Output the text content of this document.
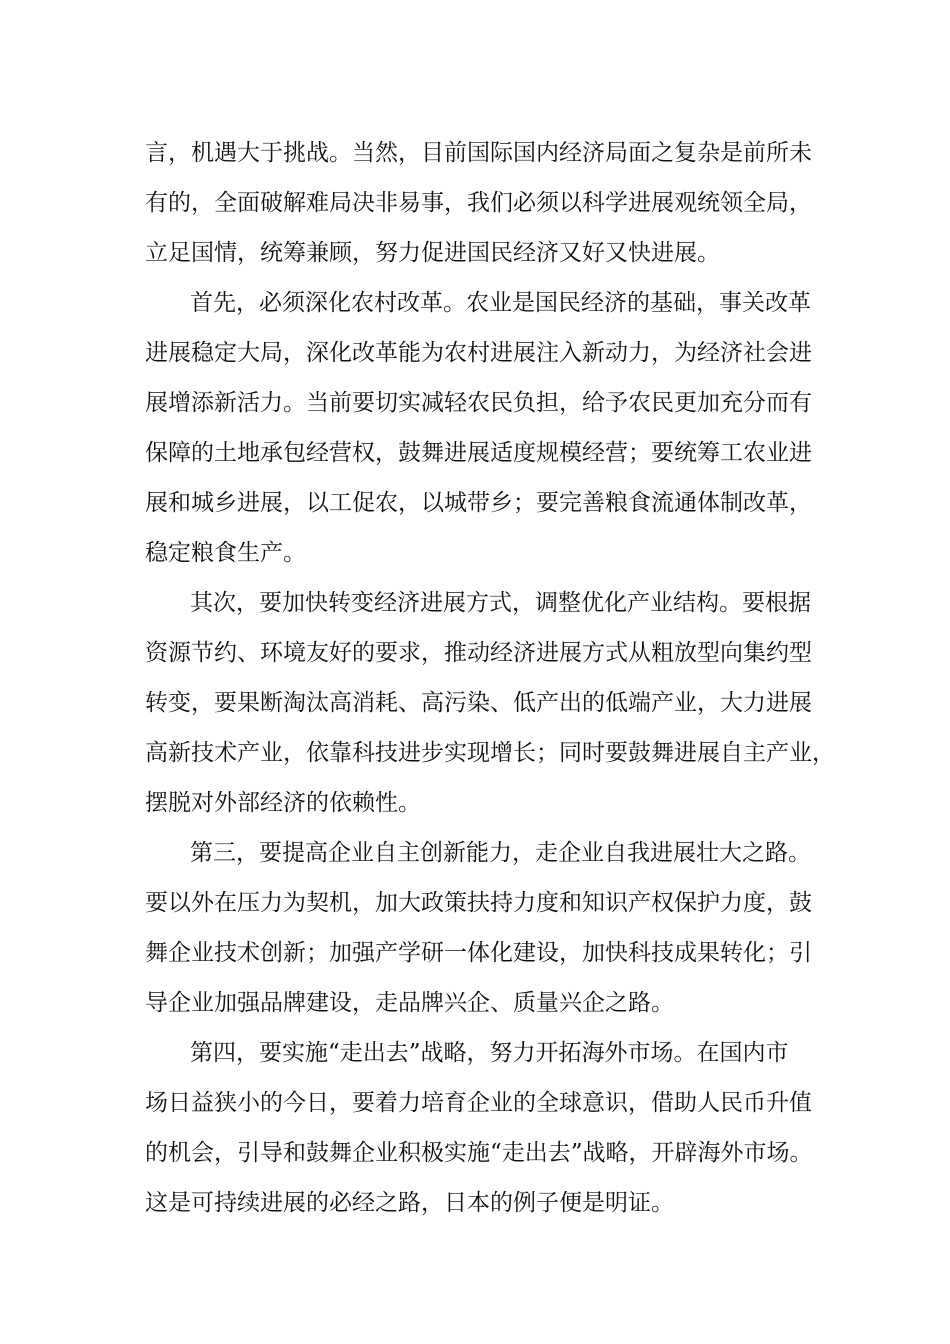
言，机遇大于挑战。当然，目前国际国内经济局面之复杂是前所未
有的，全面破解难局决非易事，我们必须以科学进展观统领全局，
立足国情，统筹兼顾，努力促进国民经济又好又快进展。
首先，必须深化农村改革。农业是国民经济的基础，事关改革
进展稳定大局，深化改革能为农村进展注入新动力，为经济社会进
展增添新活力。当前要切实减轻农民负担，给予农民更加充分而有
保障的土地承包经营权，鼓舞进展适度规模经营；要统筹工农业进
展和城乡进展，以工促农，以城带乡；要完善粮食流通体制改革，
稳定粮食生产。
其次，要加快转变经济进展方式，调整优化产业结构。要根据
资源节约、环境友好的要求，推动经济进展方式从粗放型向集约型
转变，要果断淘汰高消耗、高污染、低产出的低端产业，大力进展
高新技术产业，依靠科技进步实现增长；同时要鼓舞进展自主产业，
摆脱对外部经济的依赖性。
第三，要提高企业自主创新能力，走企业自我进展壮大之路。
要以外在压力为契机，加大政策扶持力度和知识产权保护力度，鼓
舞企业技术创新；加强产学研一体化建设，加快科技成果转化；引
导企业加强品牌建设，走品牌兴企、质量兴企之路。
第四，要实施“走出去”战略，努力开拓海外市场。在国内市
场日益狭小的今日，要着力培育企业的全球意识，借助人民币升值
的机会，引导和鼓舞企业积极实施“走出去”战略，开辟海外市场。
这是可持续进展的必经之路，日本的例子便是明证。
